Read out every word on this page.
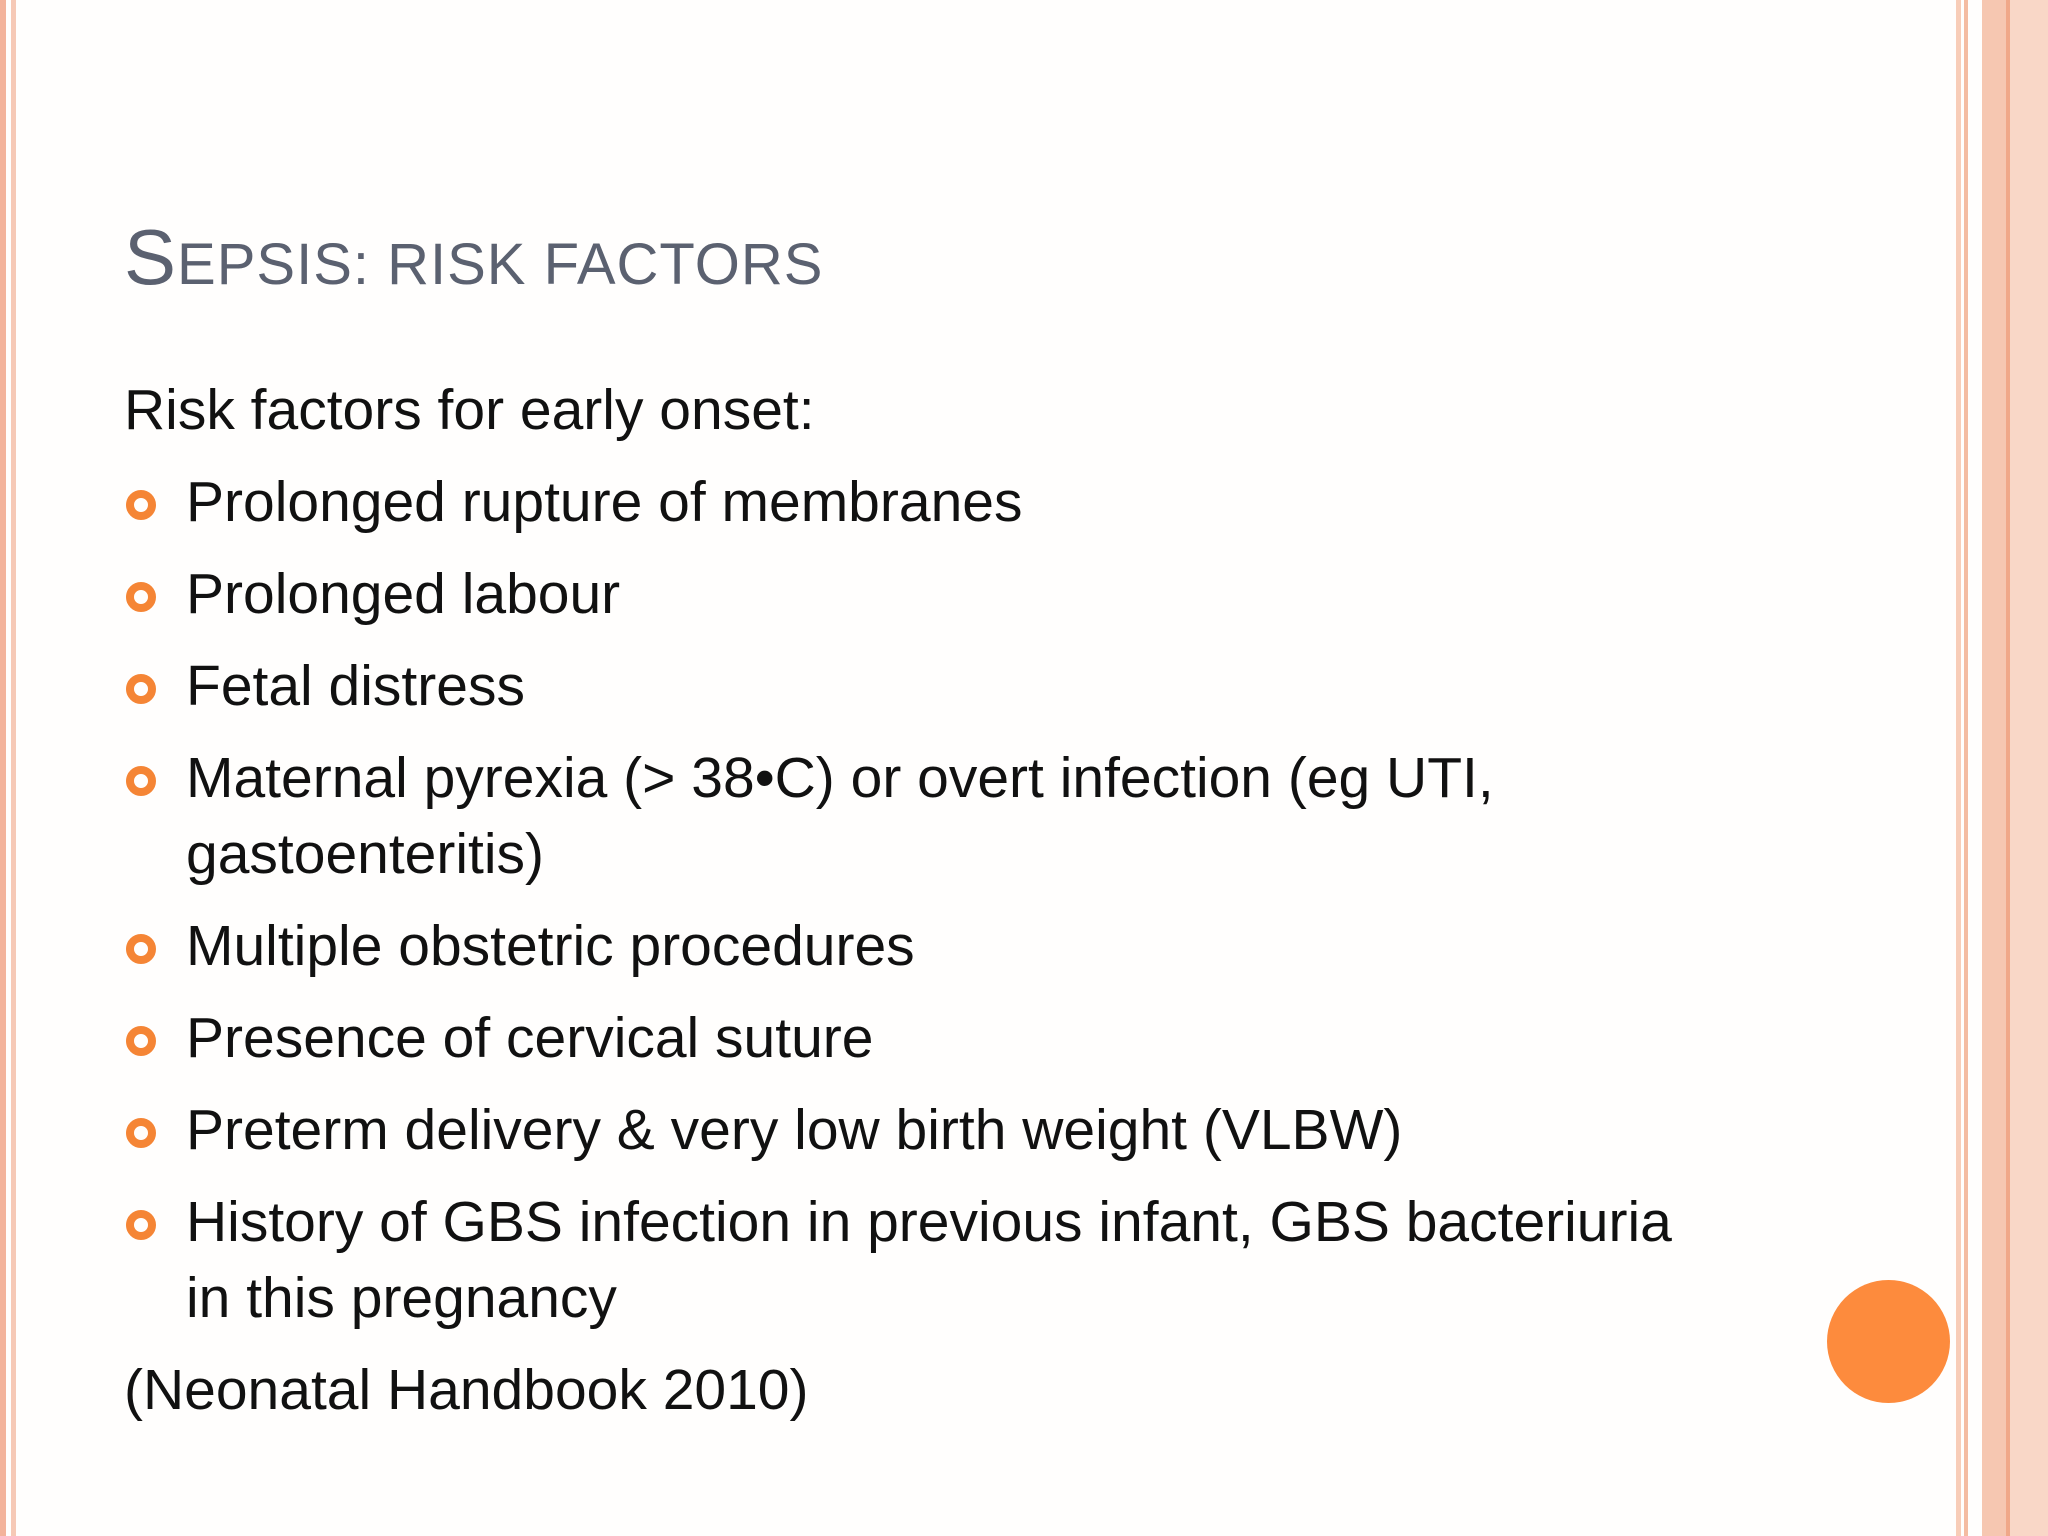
SEPSIS: RISK FACTORS

Risk factors for early onset:

Prolonged rupture of membranes
Prolonged labour
Fetal distress
Maternal pyrexia (> 38•C) or overt infection (eg UTI, gastoenteritis)
Multiple obstetric procedures
Presence of cervical suture
Preterm delivery & very low birth weight (VLBW)
History of GBS infection in previous infant, GBS bacteriuria in this pregnancy

(Neonatal Handbook 2010)
